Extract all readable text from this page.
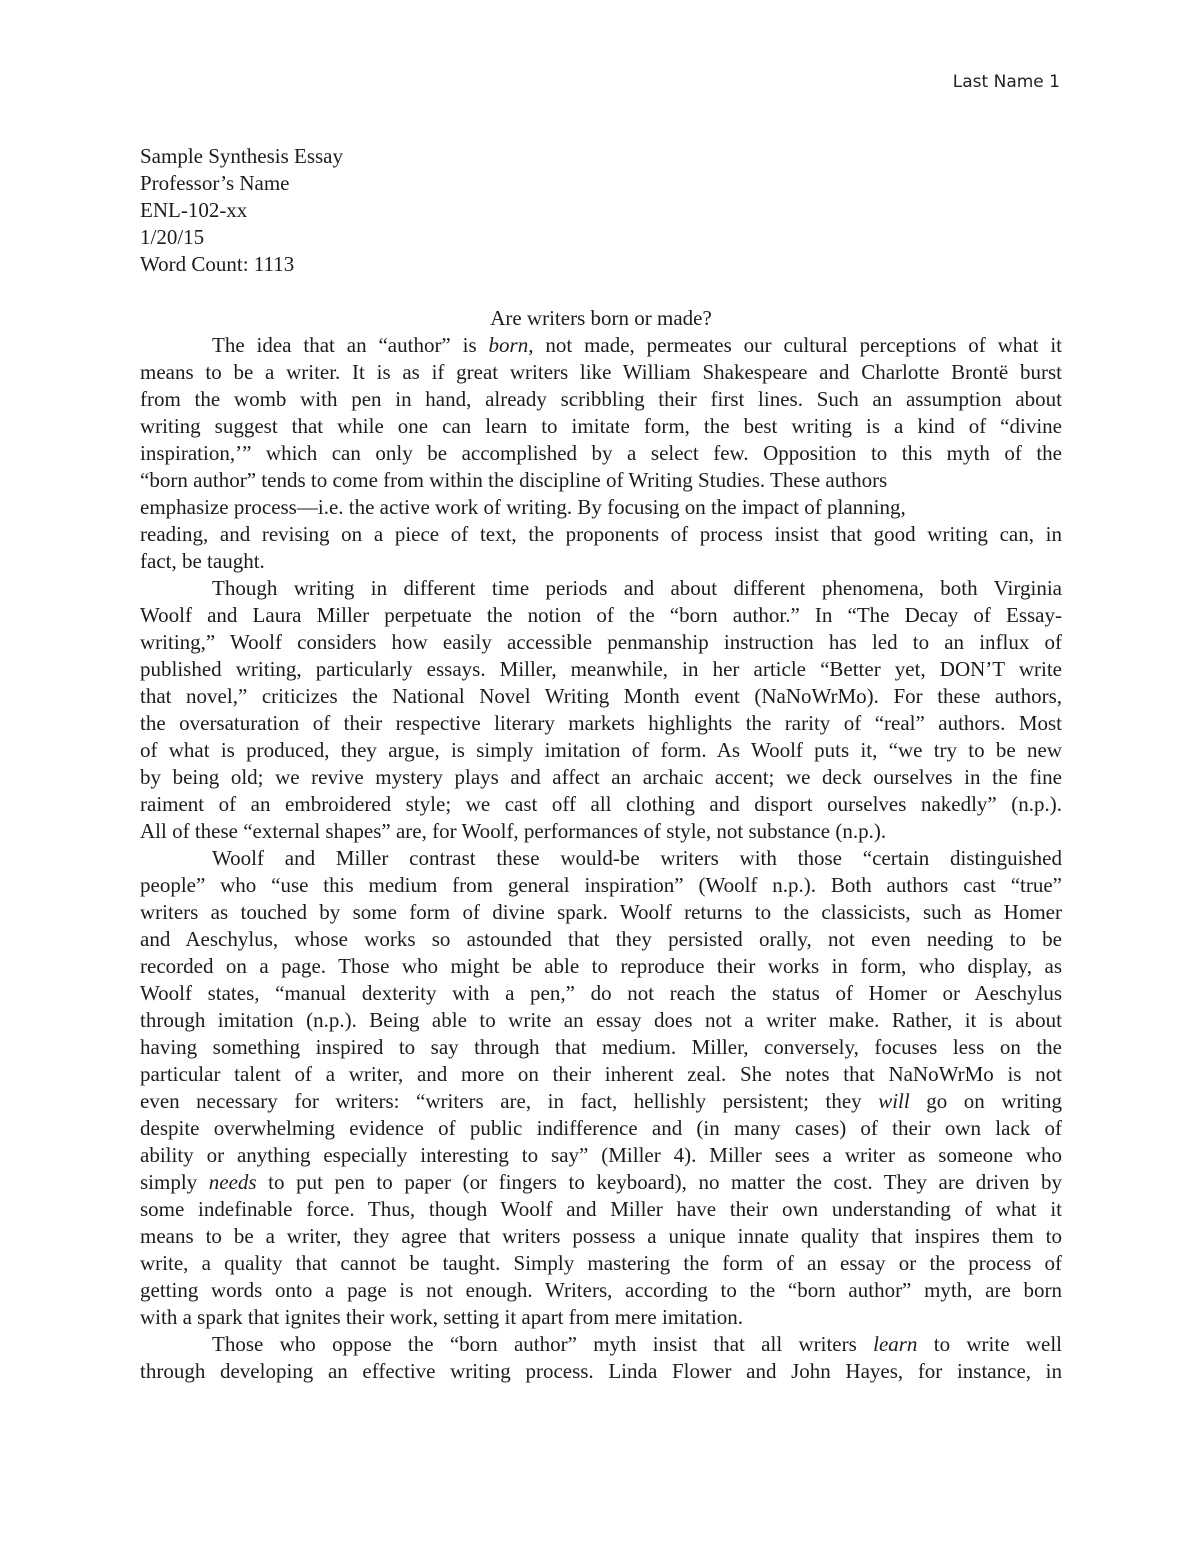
Last Name 1

Sample Synthesis Essay

Professor’s Name

ENL-102-xx

1/20/15

Word Count: 1113

Are writers born or made?

The idea that an “author” is born, not made, permeates our cultural perceptions of what it
means to be a writer. It is as if great writers like William Shakespeare and Charlotte Brontë burst
from the womb with pen in hand, already scribbling their first lines. Such an assumption about
writing suggest that while one can learn to imitate form, the best writing is a kind of “divine
inspiration,’” which can only be accomplished by a select few. Opposition to this myth of the
“born author” tends to come from within the discipline of Writing Studies. These authors
emphasize process—i.e. the active work of writing. By focusing on the impact of planning,
reading, and revising on a piece of text, the proponents of process insist that good writing can, in
fact, be taught.
Though writing in different time periods and about different phenomena, both Virginia
Woolf and Laura Miller perpetuate the notion of the “born author.” In “The Decay of Essay-
writing,” Woolf considers how easily accessible penmanship instruction has led to an influx of
published writing, particularly essays. Miller, meanwhile, in her article “Better yet, DON’T write
that novel,” criticizes the National Novel Writing Month event (NaNoWrMo). For these authors,
the oversaturation of their respective literary markets highlights the rarity of “real” authors. Most
of what is produced, they argue, is simply imitation of form. As Woolf puts it, “we try to be new
by being old; we revive mystery plays and affect an archaic accent; we deck ourselves in the fine
raiment of an embroidered style; we cast off all clothing and disport ourselves nakedly” (n.p.).
All of these “external shapes” are, for Woolf, performances of style, not substance (n.p.).
Woolf and Miller contrast these would-be writers with those “certain distinguished
people” who “use this medium from general inspiration” (Woolf n.p.). Both authors cast “true”
writers as touched by some form of divine spark. Woolf returns to the classicists, such as Homer
and Aeschylus, whose works so astounded that they persisted orally, not even needing to be
recorded on a page. Those who might be able to reproduce their works in form, who display, as
Woolf states, “manual dexterity with a pen,” do not reach the status of Homer or Aeschylus
through imitation (n.p.). Being able to write an essay does not a writer make. Rather, it is about
having something inspired to say through that medium. Miller, conversely, focuses less on the
particular talent of a writer, and more on their inherent zeal. She notes that NaNoWrMo is not
even necessary for writers: “writers are, in fact, hellishly persistent; they will go on writing
despite overwhelming evidence of public indifference and (in many cases) of their own lack of
ability or anything especially interesting to say” (Miller 4). Miller sees a writer as someone who
simply needs to put pen to paper (or fingers to keyboard), no matter the cost. They are driven by
some indefinable force. Thus, though Woolf and Miller have their own understanding of what it
means to be a writer, they agree that writers possess a unique innate quality that inspires them to
write, a quality that cannot be taught. Simply mastering the form of an essay or the process of
getting words onto a page is not enough. Writers, according to the “born author” myth, are born
with a spark that ignites their work, setting it apart from mere imitation.
Those who oppose the “born author” myth insist that all writers learn to write well
through developing an effective writing process. Linda Flower and John Hayes, for instance, in
